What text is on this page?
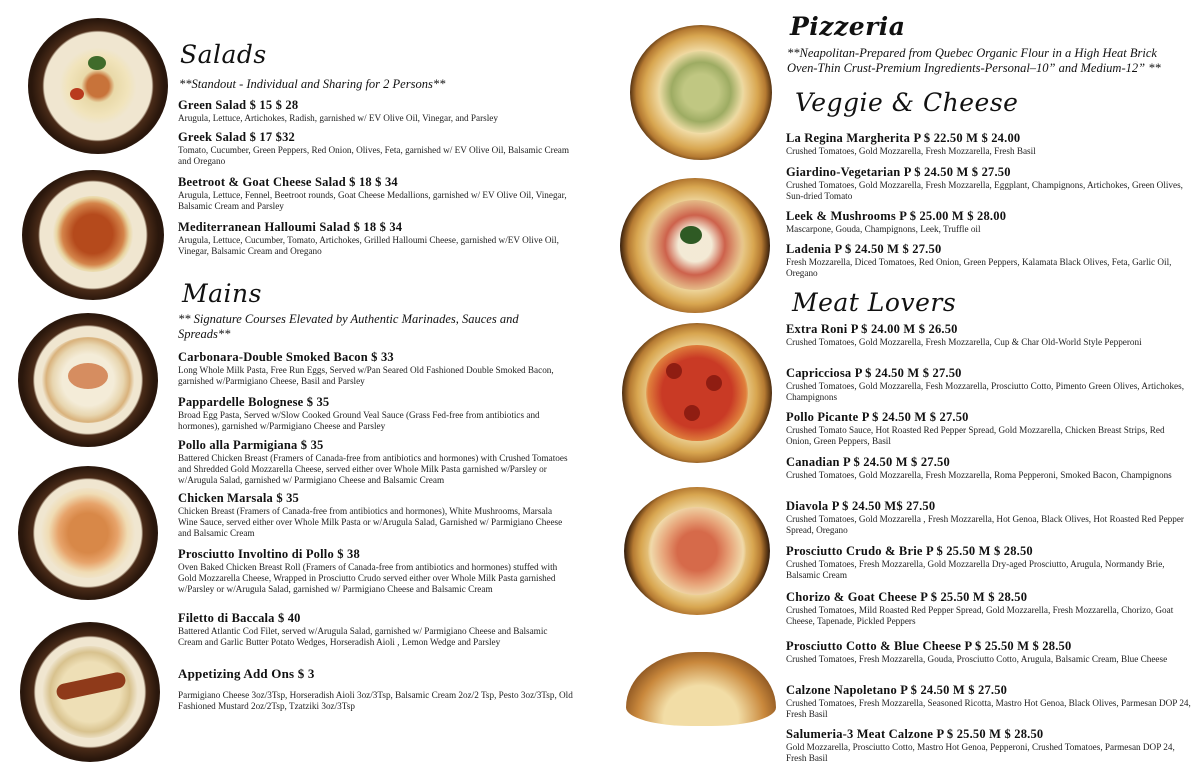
Salads
**Standout - Individual and Sharing for 2 Persons**
Green Salad $ 15 $ 28
Arugula, Lettuce, Artichokes, Radish, garnished w/ EV Olive Oil, Vinegar, and Parsley
Greek Salad $ 17 $32
Tomato, Cucumber, Green Peppers, Red Onion, Olives, Feta, garnished w/ EV Olive Oil, Balsamic Cream and Oregano
Beetroot & Goat Cheese Salad $ 18 $ 34
Arugula, Lettuce, Fennel, Beetroot rounds, Goat Cheese Medallions, garnished w/ EV Olive Oil, Vinegar, Balsamic Cream and Parsley
Mediterranean Halloumi Salad $ 18 $ 34
Arugula, Lettuce, Cucumber, Tomato, Artichokes, Grilled Halloumi Cheese, garnished w/EV Olive Oil, Vinegar, Balsamic Cream and Oregano
Mains
** Signature Courses Elevated by Authentic Marinades, Sauces and Spreads**
Carbonara-Double Smoked Bacon $ 33
Long Whole Milk Pasta, Free Run Eggs, Served w/Pan Seared Old Fashioned Double Smoked Bacon, garnished w/Parmigiano Cheese, Basil and Parsley
Pappardelle Bolognese $ 35
Broad Egg Pasta, Served w/Slow Cooked Ground Veal Sauce (Grass Fed-free from antibiotics and hormones), garnished w/Parmigiano Cheese and Parsley
Pollo alla Parmigiana $ 35
Battered Chicken Breast (Framers of Canada-free from antibiotics and hormones) with Crushed Tomatoes and Shredded Gold Mozzarella Cheese, served either over Whole Milk Pasta garnished w/Parsley or w/Arugula Salad, garnished w/ Parmigiano Cheese and Balsamic Cream
Chicken Marsala $ 35
Chicken Breast (Framers of Canada-free from antibiotics and hormones), White Mushrooms, Marsala Wine Sauce, served either over Whole Milk Pasta or w/Arugula Salad, Garnished w/ Parmigiano Cheese and Balsamic Cream
Prosciutto Involtino di Pollo $ 38
Oven Baked Chicken Breast Roll (Framers of Canada-free from antibiotics and hormones) stuffed with Gold Mozzarella Cheese, Wrapped in Prosciutto Crudo served either over Whole Milk Pasta garnished w/Parsley or w/Arugula Salad, garnished w/ Parmigiano Cheese and Balsamic Cream
Filetto di Baccala $ 40
Battered Atlantic Cod Filet, served w/Arugula Salad, garnished w/ Parmigiano Cheese and Balsamic Cream and Garlic Butter Potato Wedges, Horseradish Aioli , Lemon Wedge and Parsley
Appetizing Add Ons $ 3
Parmigiano Cheese 3oz/3Tsp, Horseradish Aioli 3oz/3Tsp, Balsamic Cream 2oz/2 Tsp, Pesto 3oz/3Tsp, Old Fashioned Mustard 2oz/2Tsp, Tzatziki 3oz/3Tsp
Pizzeria
**Neapolitan-Prepared from Quebec Organic Flour in a High Heat Brick Oven-Thin Crust-Premium Ingredients-Personal–10” and Medium-12” **
Veggie & Cheese
La Regina Margherita P $ 22.50 M $ 24.00
Crushed Tomatoes, Gold Mozzarella, Fresh Mozzarella, Fresh Basil
Giardino-Vegetarian P $ 24.50 M $ 27.50
Crushed Tomatoes, Gold Mozzarella, Fresh Mozzarella, Eggplant, Champignons, Artichokes, Green Olives, Sun-dried Tomato
Leek & Mushrooms P $ 25.00 M $ 28.00
Mascarpone, Gouda, Champignons, Leek, Truffle oil
Ladenia P $ 24.50 M $ 27.50
Fresh Mozzarella, Diced Tomatoes, Red Onion, Green Peppers, Kalamata Black Olives, Feta, Garlic Oil, Oregano
Meat Lovers
Extra Roni P $ 24.00 M $ 26.50
Crushed Tomatoes, Gold Mozzarella, Fresh Mozzarella, Cup & Char Old-World Style Pepperoni
Capricciosa P $ 24.50 M $ 27.50
Crushed Tomatoes, Gold Mozzarella, Fesh Mozzarella, Prosciutto Cotto, Pimento Green Olives, Artichokes, Champignons
Pollo Picante P $ 24.50 M $ 27.50
Crushed Tomato Sauce, Hot Roasted Red Pepper Spread, Gold Mozzarella, Chicken Breast Strips, Red Onion, Green Peppers, Basil
Canadian P $ 24.50 M $ 27.50
Crushed Tomatoes, Gold Mozzarella, Fresh Mozzarella, Roma Pepperoni, Smoked Bacon, Champignons
Diavola P $ 24.50 M$ 27.50
Crushed Tomatoes, Gold Mozzarella , Fresh Mozzarella, Hot Genoa, Black Olives, Hot Roasted Red Pepper Spread, Oregano
Prosciutto Crudo & Brie P $ 25.50 M $ 28.50
Crushed Tomatoes, Fresh Mozzarella, Gold Mozzarella Dry-aged Prosciutto, Arugula, Normandy Brie, Balsamic Cream
Chorizo & Goat Cheese P $ 25.50 M $ 28.50
Crushed Tomatoes, Mild Roasted Red Pepper Spread, Gold Mozzarella, Fresh Mozzarella, Chorizo, Goat Cheese, Tapenade, Pickled Peppers
Prosciutto Cotto & Blue Cheese P $ 25.50 M $ 28.50
Crushed Tomatoes, Fresh Mozzarella, Gouda, Prosciutto Cotto, Arugula, Balsamic Cream, Blue Cheese
Calzone Napoletano P $ 24.50 M $ 27.50
Crushed Tomatoes, Fresh Mozzarella, Seasoned Ricotta, Mastro Hot Genoa, Black Olives, Parmesan DOP 24, Fresh Basil
Salumeria-3 Meat Calzone P $ 25.50 M $ 28.50
Gold Mozzarella, Prosciutto Cotto, Mastro Hot Genoa, Pepperoni, Crushed Tomatoes, Parmesan DOP 24, Fresh Basil
